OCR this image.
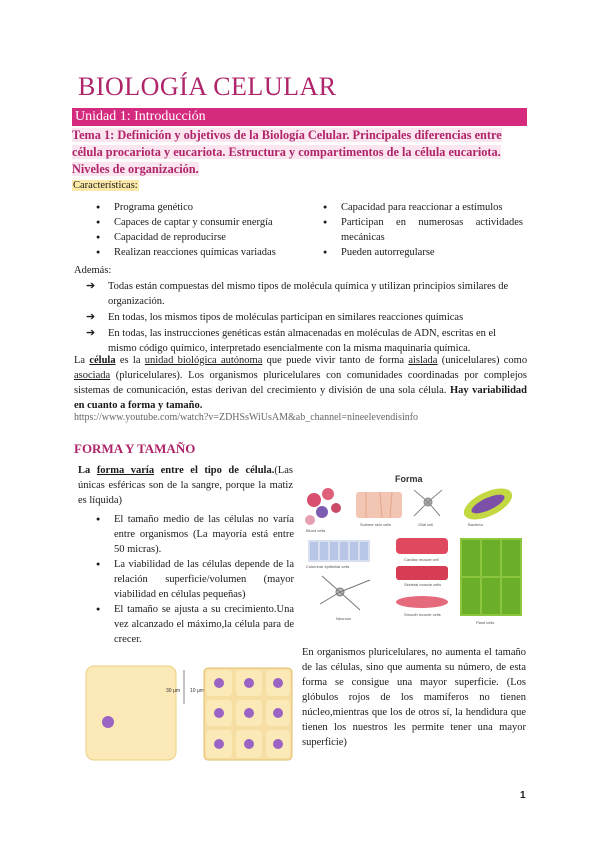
BIOLOGÍA CELULAR
Unidad 1: Introducción
Tema 1: Definición y objetivos de la Biología Celular. Principales diferencias entre célula procariota y eucariota. Estructura y compartimentos de la célula eucariota. Niveles de organización.
Características:
● Programa genético
● Capaces de captar y consumir energía
● Capacidad de reproducirse
● Realizan reacciones químicas variadas
● Capacidad para reaccionar a estímulos
● Participan en numerosas actividades mecánicas
● Pueden autorregularse
Además:
➔ Todas están compuestas del mismo tipos de molécula química y utilizan principios similares de organización.
➔ En todas, los mismos tipos de moléculas participan en similares reacciones químicas
➔ En todas, las instrucciones genéticas están almacenadas en moléculas de ADN, escritas en el mismo código químico, interpretado esencialmente con la misma maquinaria química.
La célula es la unidad biológica autónoma que puede vivir tanto de forma aislada (unicelulares) como asociada (pluricelulares). Los organismos pluricelulares con comunidades coordinadas por complejos sistemas de comunicación, estas derivan del crecimiento y división de una sola célula. Hay variabilidad en cuanto a forma y tamaño.
https://www.youtube.com/watch?v=ZDHSsWiUsAM&ab_channel=nineelevendisinfo
FORMA Y TAMAÑO
La forma varía entre el tipo de célula.(Las únicas esféricas son de la sangre, porque la matiz es líquida)
● El tamaño medio de las células no varía entre organismos (La mayoría está entre 50 micras).
● La viabilidad de las células depende de la relación superficie/volumen (mayor viabilidad en células pequeñas)
● El tamaño se ajusta a su crecimiento.Una vez alcanzado el máximo,la célula para de crecer.
Forma
Blood cells
Surface skin cells	Bacteria
Glial cell
Columnar epithelial cells
Cardiac muscle cell
Skeletal muscle cells
Smooth muscle cells
Neurons
Plant cells
En organismos pluricelulares, no aumenta el tamaño de las células, sino que aumenta su número, de esta forma se consigue una mayor superficie. (Los glóbulos rojos de los mamíferos no tienen núcleo,mientras que los de otros sí, la hendidura que tienen los nuestros les permite tener una mayor superficie)
30 μm 10 μm
1
